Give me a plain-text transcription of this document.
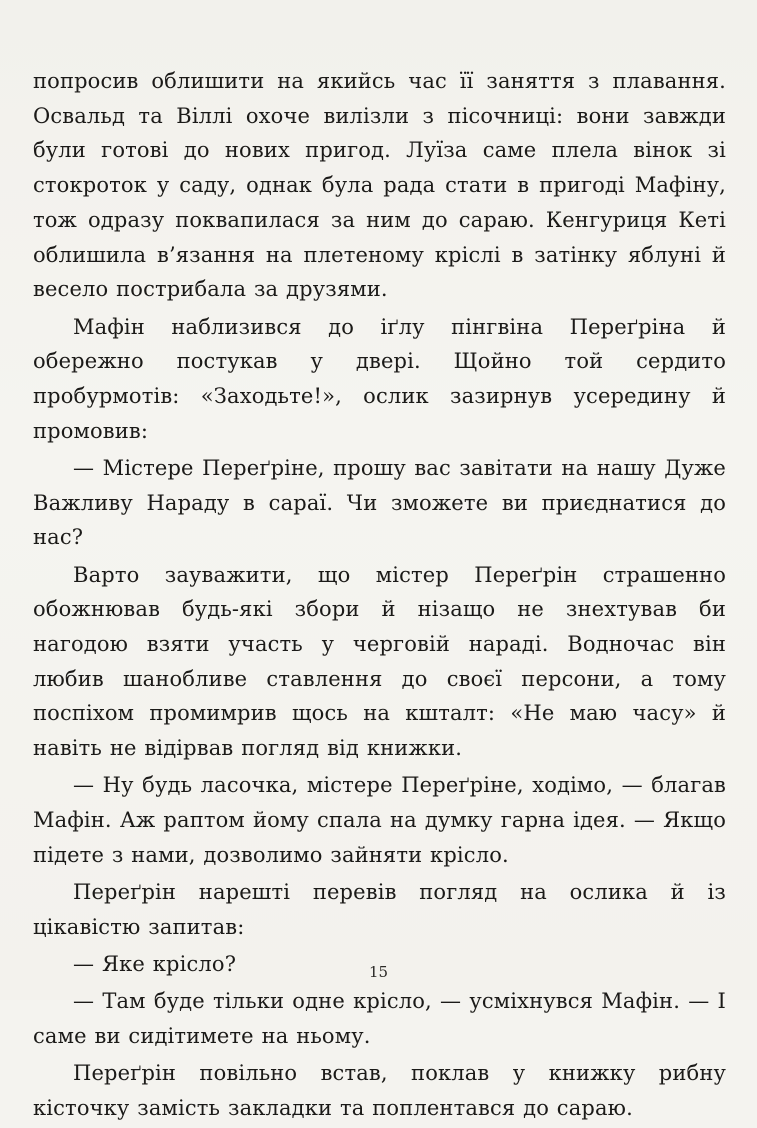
попросив облишити на якийсь час її заняття з плавання. Освальд та Віллі охоче вилізли з пісочниці: вони завжди були готові до нових пригод. Луїза саме плела вінок зі стокроток у саду, однак була рада стати в пригоді Мафіну, тож одразу поквапилася за ним до сараю. Кенгуриця Кеті облишила в’язання на плетеному кріслі в затінку яблуні й весело пострибала за друзями.

Мафін наблизився до іґлу пінгвіна Переґріна й обережно постукав у двері. Щойно той сердито пробурмотів: «Заходьте!», ослик зазирнув усередину й промовив:

— Містере Переґріне, прошу вас завітати на нашу Дуже Важливу Нараду в сараї. Чи зможете ви приєднатися до нас?

Варто зауважити, що містер Переґрін страшенно обожнював будь-які збори й нізащо не знехтував би нагодою взяти участь у черговій нараді. Водночас він любив шанобливе ставлення до своєї персони, а тому поспіхом промимрив щось на кшталт: «Не маю часу» й навіть не відірвав погляд від книжки.

— Ну будь ласочка, містере Переґріне, ходімо, — благав Мафін. Аж раптом йому спала на думку гарна ідея. — Якщо підете з нами, дозволимо зайняти крісло.

Переґрін нарешті перевів погляд на ослика й із цікавістю запитав:

— Яке крісло?

— Там буде тільки одне крісло, — усміхнувся Мафін. — І саме ви сидітимете на ньому.

Переґрін повільно встав, поклав у книжку рибну кісточку замість закладки та поплентався до сараю.

15
